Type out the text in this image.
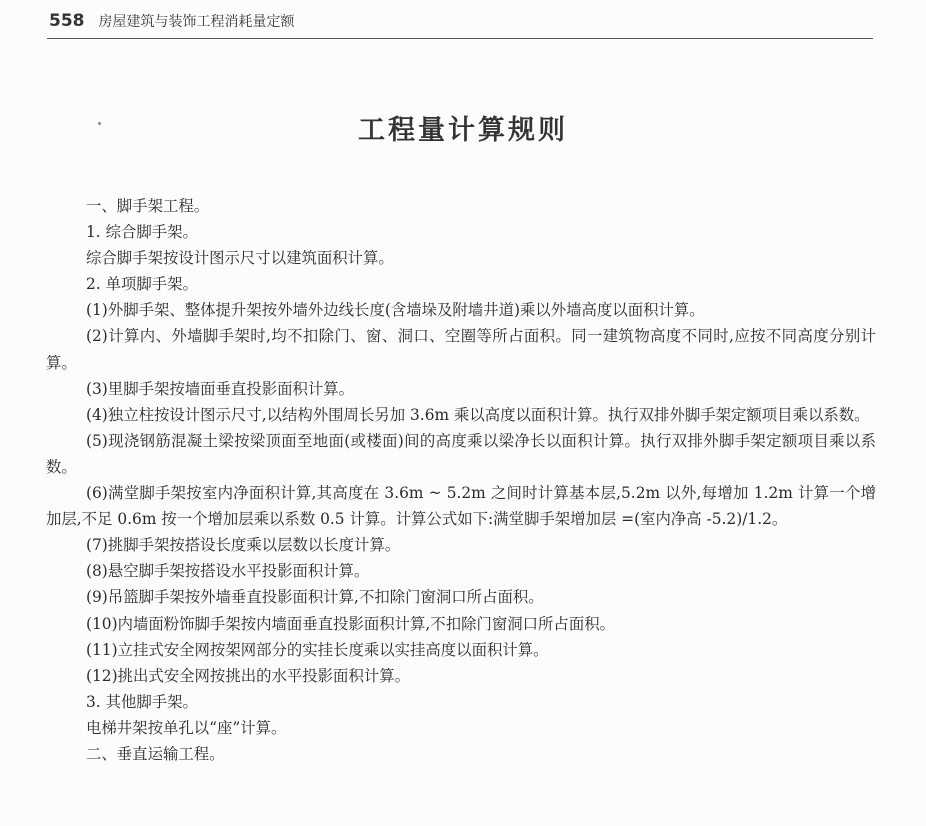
558 房屋建筑与装饰工程消耗量定额
工程量计算规则

一、脚手架工程。

1. 综合脚手架。

综合脚手架按设计图示尺寸以建筑面积计算。

2. 单项脚手架。

(1)外脚手架、整体提升架按外墙外边线长度(含墙垛及附墙井道)乘以外墙高度以面积计算。

(2)计算内、外墙脚手架时,均不扣除门、窗、洞口、空圈等所占面积。同一建筑物高度不同时,应按不同高度分别计算。

(3)里脚手架按墙面垂直投影面积计算。

(4)独立柱按设计图示尺寸,以结构外围周长另加 3.6m 乘以高度以面积计算。执行双排外脚手架定额项目乘以系数。

(5)现浇钢筋混凝土梁按梁顶面至地面(或楼面)间的高度乘以梁净长以面积计算。执行双排外脚手架定额项目乘以系数。

(6)满堂脚手架按室内净面积计算,其高度在 3.6m ~ 5.2m 之间时计算基本层,5.2m 以外,每增加 1.2m 计算一个增加层,不足 0.6m 按一个增加层乘以系数 0.5 计算。计算公式如下:满堂脚手架增加层 =(室内净高 -5.2)/1.2。

(7)挑脚手架按搭设长度乘以层数以长度计算。

(8)悬空脚手架按搭设水平投影面积计算。

(9)吊篮脚手架按外墙垂直投影面积计算,不扣除门窗洞口所占面积。

(10)内墙面粉饰脚手架按内墙面垂直投影面积计算,不扣除门窗洞口所占面积。

(11)立挂式安全网按架网部分的实挂长度乘以实挂高度以面积计算。

(12)挑出式安全网按挑出的水平投影面积计算。

3. 其他脚手架。

电梯井架按单孔以“座”计算。

二、垂直运输工程。
